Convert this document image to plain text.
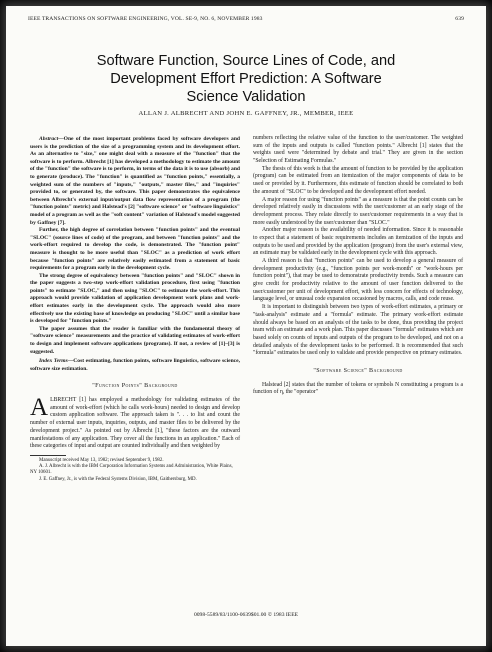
IEEE TRANSACTIONS ON SOFTWARE ENGINEERING, VOL. SE-9, NO. 6, NOVEMBER 1983	639
Software Function, Source Lines of Code, and
Development Effort Prediction: A Software
Science Validation
ALLAN J. ALBRECHT AND JOHN E. GAFFNEY, JR., MEMBER, IEEE

Abstract—One of the most important problems faced by software developers and users is the prediction of the size of a programming system and its development effort. As an alternative to "size," one might deal with a measure of the "function" that the software is to perform. Albrecht [1] has developed a methodology to estimate the amount of the "function" the software is to perform, in terms of the data it is to use (absorb) and to generate (produce). The "function" is quantified as "function points," essentially, a weighted sum of the numbers of "inputs," "outputs," master files," and "inquiries" provided to, or generated by, the software. This paper demonstrates the equivalence between Albrecht's external input/output data flow representation of a program (the "function points" metric) and Halstead's [2] "software science" or "software linguistics" model of a program as well as the "soft content" variation of Halstead's model suggested by Gaffney [7].

Further, the high degree of correlation between "function points" and the eventual "SLOC" (source lines of code) of the program, and between "function points" and the work-effort required to develop the code, is demonstrated. The "function point" measure is thought to be more useful than "SLOC" as a prediction of work effort because "function points" are relatively easily estimated from a statement of basic requirements for a program early in the development cycle.

The strong degree of equivalency between "function points" and "SLOC" shown in the paper suggests a two-step work-effort validation procedure, first using "function points" to estimate "SLOC," and then using "SLOC" to estimate the work-effort. This approach would provide validation of application development work plans and work-effort estimates early in the development cycle. The approach would also more effectively use the existing base of knowledge on producing "SLOC" until a similar base is developed for "function points."

The paper assumes that the reader is familiar with the fundamental theory of "software science" measurements and the practice of validating estimates of work-effort to design and implement software applications (programs). If not, a review of [1]–[3] is suggested.

Index Terms—Cost estimating, function points, software linguistics, software science, software size estimation.

"Function Points" Background

ALBRECHT [1] has employed a methodology for validating estimates of the amount of work-effort (which he calls work-hours) needed to design and develop custom application software. The approach taken is ". . . to list and count the number of external user inputs, inquiries, outputs, and master files to be delivered by the development project." As pointed out by Albrecht [1], "these factors are the outward manifestations of any application. They cover all the functions in an application." Each of these categories of input and output are counted individually and then weighted by

Manuscript received May 13, 1982; revised September 9, 1982.

A. J. Albrecht is with the IBM Corporation Information Systems and Administration, White Plains, NY 10601.

J. E. Gaffney, Jr., is with the Federal Systems Division, IBM, Gaithersburg, MD.

numbers reflecting the relative value of the function to the user/customer. The weighted sum of the inputs and outputs is called "function points." Albrecht [1] states that the weights used were "determined by debate and trial." They are given in the section "Selection of Estimating Formulas."

The thesis of this work is that the amount of function to be provided by the application (program) can be estimated from an itemization of the major components of data to be used or provided by it. Furthermore, this estimate of function should be correlated to both the amount of "SLOC" to be developed and the development effort needed.

A major reason for using "function points" as a measure is that the point counts can be developed relatively easily in discussions with the user/customer at an early stage of the development process. They relate directly to user/customer requirements in a way that is more easily understood by the user/customer than "SLOC."

Another major reason is the availability of needed information. Since it is reasonable to expect that a statement of basic requirements includes an itemization of the inputs and outputs to be used and provided by the application (program) from the user's external view, an estimate may be validated early in the development cycle with this approach.

A third reason is that "function points" can be used to develop a general measure of development productivity (e.g., "function points per work-month" or "work-hours per function point"), that may be used to demonstrate productivity trends. Such a measure can give credit for productivity relative to the amount of user function delivered to the user/customer per unit of development effort, with less concern for effects of technology, language level, or unusual code expansion occasioned by macros, calls, and code reuse.

It is important to distinguish between two types of work-effort estimates, a primary or "task-analysis" estimate and a "formula" estimate. The primary work-effort estimate should always be based on an analysis of the tasks to be done, thus providing the project team with an estimate and a work plan. This paper discusses "formula" estimates which are based solely on counts of inputs and outputs of the program to be developed, and not on a detailed analysis of the development tasks to be performed. It is recommended that such "formula" estimates be used only to validate and provide perspective on primary estimates.

"Software Science" Background

Halstead [2] states that the number of tokens or symbols N constituting a program is a function of η, the "operator"

0098-5589/83/1100-0639$01.00 © 1983 IEEE
